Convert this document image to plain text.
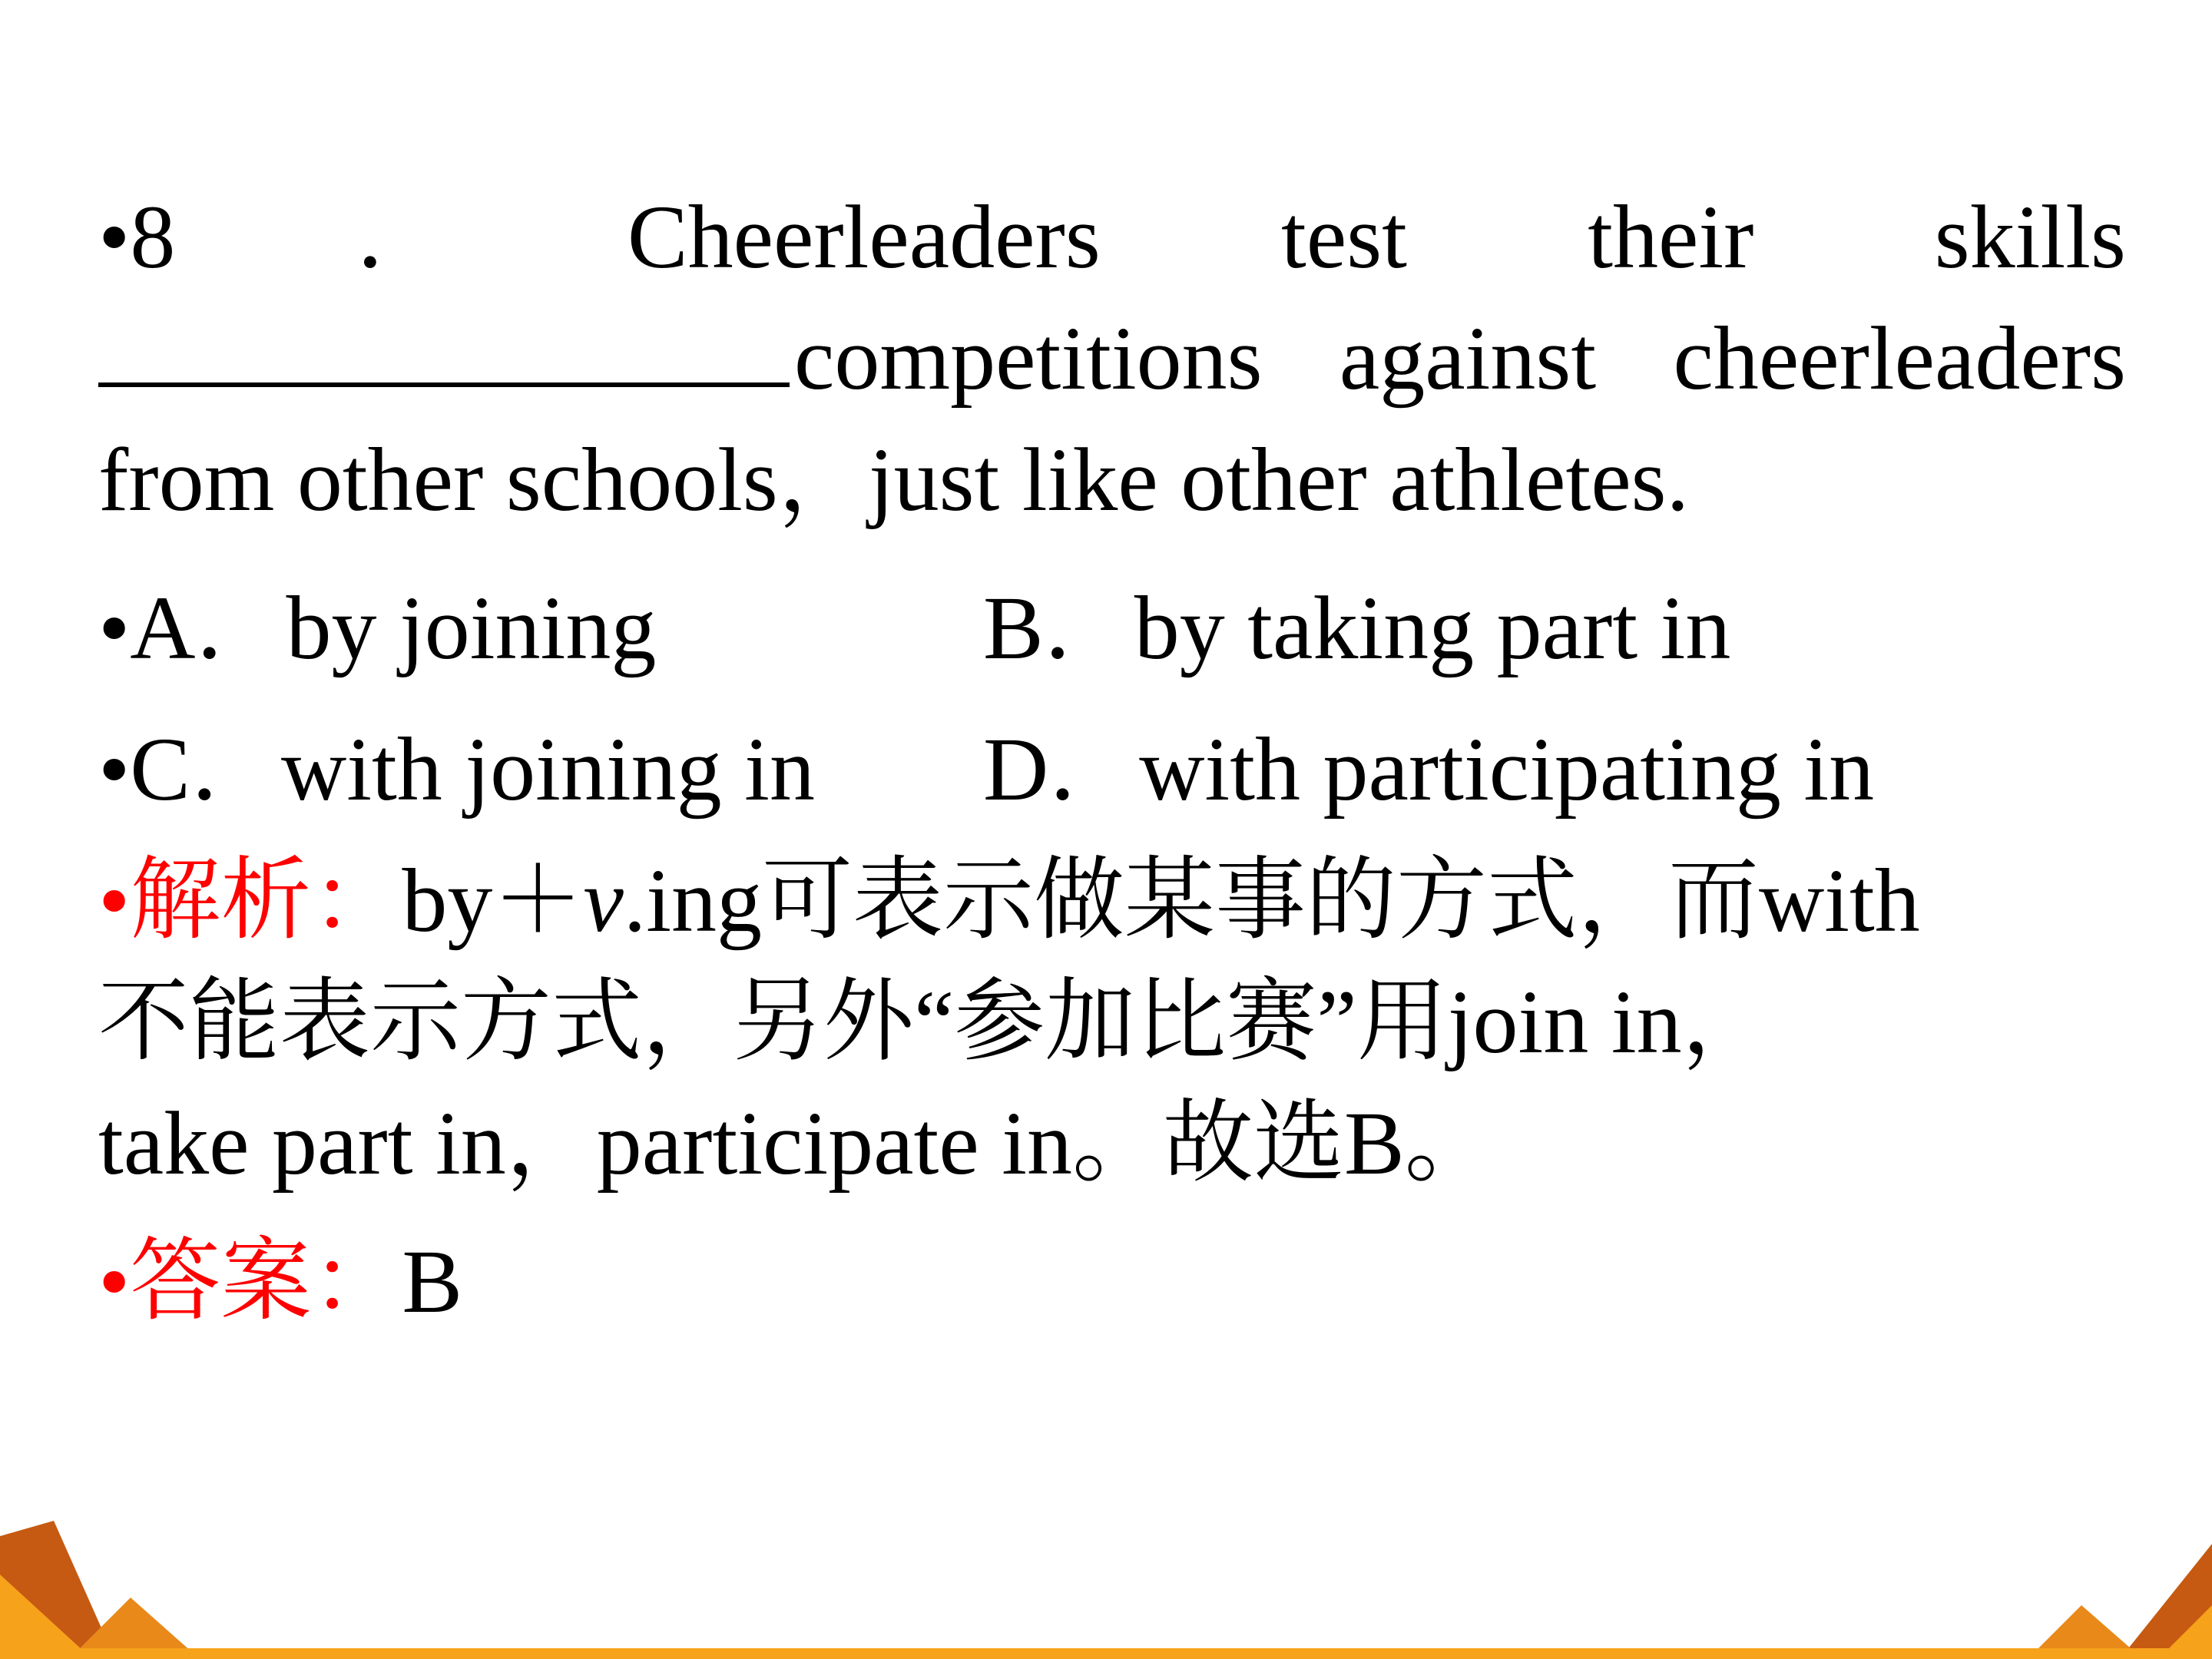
•8 ． Cheerleaders test their skills
competitions against cheerleaders
from other schools，just like other athletes.
•A．by joining	B．by taking part in
•C．with joining in	D．with participating in
•解析：by＋v.ing可表示做某事的方式，而with
不能表示方式，另外“参加比赛”用join in，
take part in，participate in。故选B。
•答案：B
